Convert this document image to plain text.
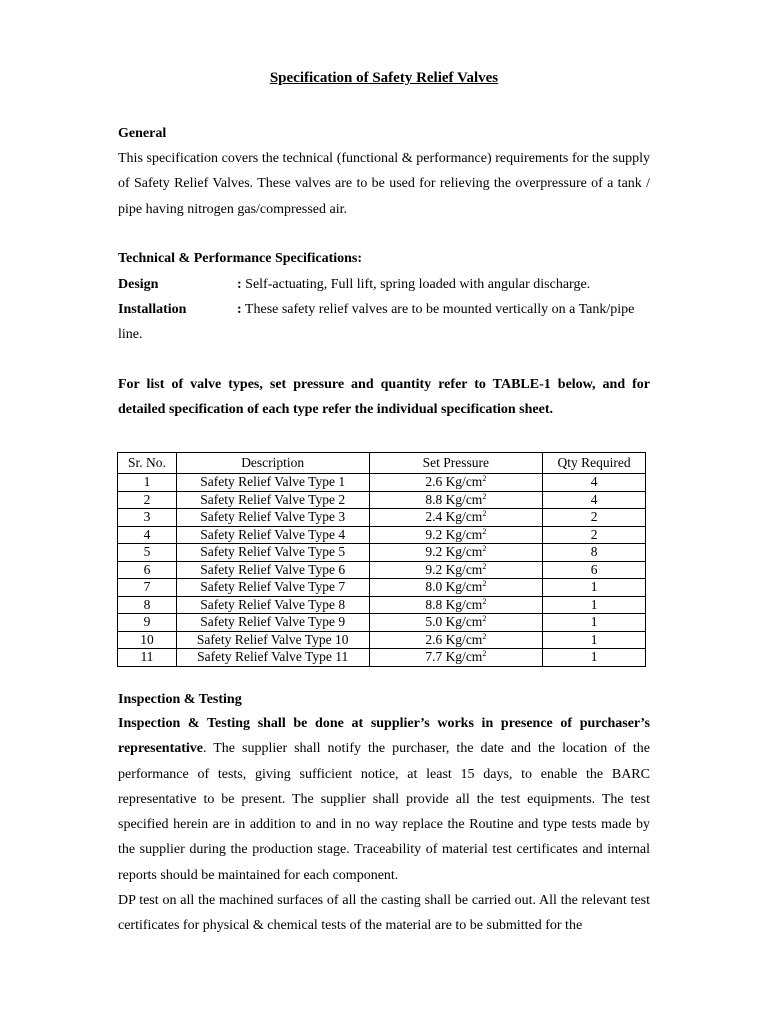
Specification of Safety Relief Valves
General
This specification covers the technical (functional & performance) requirements for the supply of Safety Relief Valves. These valves are to be used for relieving the overpressure of a tank / pipe having nitrogen gas/compressed air.
Technical & Performance Specifications:
Design	: Self-actuating, Full lift, spring loaded with angular discharge.
Installation	: These safety relief valves are to be mounted vertically on a Tank/pipe
line.
For list of valve types, set pressure and quantity refer to TABLE-1 below, and for detailed specification of each type refer the individual specification sheet.
Sr. No.	Description	Set Pressure	Qty Required
1	Safety Relief Valve Type 1	2.6 $Kg/cm^2$	4
2	Safety Relief Valve Type 2	8.8 $Kg/cm^2$	4
3	Safety Relief Valve Type 3	2.4 $Kg/cm^2$	2
4	Safety Relief Valve Type 4	9.2 $Kg/cm^2$	2
5	Safety Relief Valve Type 5	9.2 $Kg/cm^2$	8
6	Safety Relief Valve Type 6	9.2 $Kg/cm^2$	6
7	Safety Relief Valve Type 7	8.0 $Kg/cm^2$	1
8	Safety Relief Valve Type 8	8.8 $Kg/cm^2$	1
9	Safety Relief Valve Type 9	5.0 $Kg/cm^2$	1
10	Safety Relief Valve Type 10	2.6 $Kg/cm^2$	1
11	Safety Relief Valve Type 11	7.7 $Kg/cm^2$	1
Inspection & Testing
Inspection & Testing shall be done at supplier’s works in presence of purchaser’s representative. The supplier shall notify the purchaser, the date and the location of the performance of tests, giving sufficient notice, at least 15 days, to enable the BARC representative to be present. The supplier shall provide all the test equipments. The test specified herein are in addition to and in no way replace the Routine and type tests made by the supplier during the production stage. Traceability of material test certificates and internal reports should be maintained for each component.
DP test on all the machined surfaces of all the casting shall be carried out. All the relevant test certificates for physical & chemical tests of the material are to be submitted for the
